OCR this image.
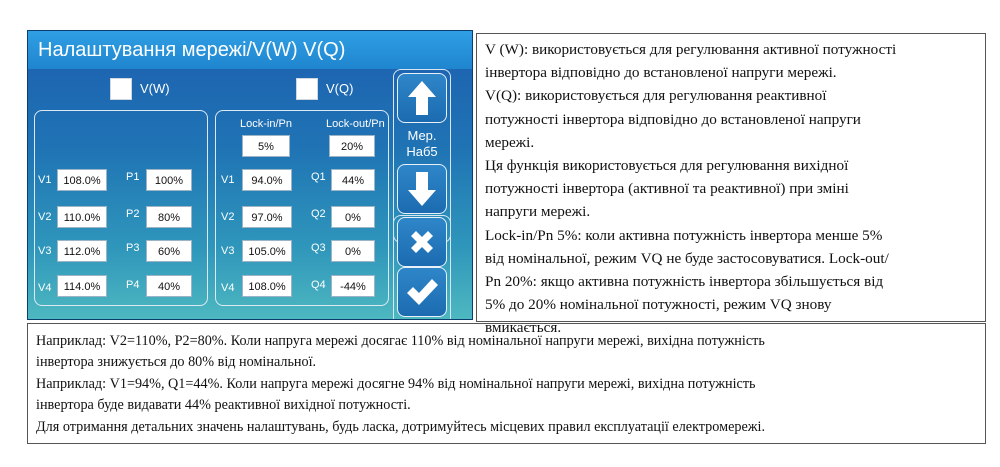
Налаштування мережі/V(W) V(Q)
V(W)	V(Q)
Lock-in/Pn	Lock-out/Pn
5%	20%
V1	108.0%	P1	100%
V2	110.0%	P2	80%
V3	112.0%	P3	60%
V4	114.0%	P4	40%
V1	94.0%	Q1	44%
V2	97.0%	Q2	0%
V3	105.0%	Q3	0%
V4	108.0%	Q4	-44%
Мер.
Наб5

V (W): використовується для регулювання активної потужності

інвертора відповідно до встановленої напруги мережі.

V(Q): використовується для регулювання реактивної

потужності інвертора відповідно до встановленої напруги

мережі.

Ця функція використовується для регулювання вихідної

потужності інвертора (активної та реактивної) при зміні

напруги мережі.

Lock-in/Pn 5%: коли активна потужність інвертора менше 5%

від номінальної, режим VQ не буде застосовуватися. Lock-out/

Pn 20%: якщо активна потужність інвертора збільшується від

5% до 20% номінальної потужності, режим VQ знову

вмикається.

Наприклад: V2=110%, P2=80%. Коли напруга мережі досягає 110% від номінальної напруги мережі, вихідна потужність

інвертора знижується до 80% від номінальної.

Наприклад: V1=94%, Q1=44%. Коли напруга мережі досягне 94% від номінальної напруги мережі, вихідна потужність

інвертора буде видавати 44% реактивної вихідної потужності.

Для отримання детальних значень налаштувань, будь ласка, дотримуйтесь місцевих правил експлуатації електромережі.
